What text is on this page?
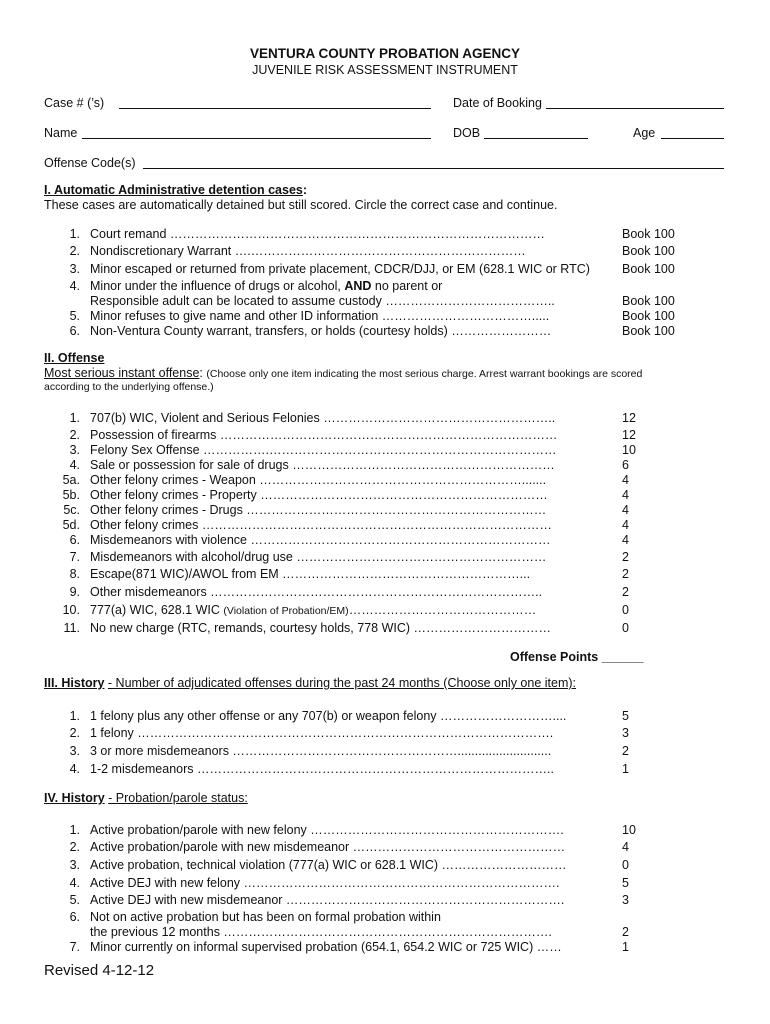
VENTURA COUNTY PROBATION AGENCY
JUVENILE RISK ASSESSMENT INSTRUMENT
Case # (’s)	Date of Booking
Name	DOB	Age
Offense Code(s)
I. Automatic Administrative detention cases:
These cases are automatically detained but still scored. Circle the correct case and continue.
1. Court remand ………………………………………………………………………………	Book 100
2. Nondiscretionary Warrant ….…………………………………………………………	Book 100
3. Minor escaped or returned from private placement, CDCR/DJJ, or EM (628.1 WIC or RTC)	Book 100
4. Minor under the influence of drugs or alcohol, AND no parent or
Responsible adult can be located to assume custody …………………………………..	Book 100
5. Minor refuses to give name and other ID information ……………………………….....	Book 100
6. Non-Ventura County warrant, transfers, or holds (courtesy holds) ……………………	Book 100
II. Offense
Most serious instant offense: (Choose only one item indicating the most serious charge. Arrest warrant bookings are scored
according to the underlying offense.)
1. 707(b) WIC, Violent and Serious Felonies ………………………………………………..	12
2. Possession of firearms ………………………………………………………………………	12
3. Felony Sex Offense …………….……………………………………………………………	10
4. Sale or possession for sale of drugs ………………………………………………………	6
5a. Other felony crimes - Weapon ……………………………………………………….......	4
5b. Other felony crimes - Property ……………………………………………………………	4
5c. Other felony crimes - Drugs ………………………………………………………………	4
5d. Other felony crimes …………………………………………………………………………	4
6. Misdemeanors with violence ………………………………………………………………	4
7. Misdemeanors with alcohol/drug use ……………………………………………………	2
8. Escape(871 WIC)/AWOL from EM …………………………………………………...	2
9. Other misdemeanors ……………………………………………………………………..	2
10. 777(a) WIC, 628.1 WIC (Violation of Probation/EM)………………………………………	0
11. No new charge (RTC, remands, courtesy holds, 778 WIC) ……………………………	0
Offense Points ______
III. History - Number of adjudicated offenses during the past 24 months (Choose only one item):
1. 1 felony plus any other offense or any 707(b) or weapon felony ………………………....	5
2. 1 felony ……………………………………………………………………………………….	3
3. 3 or more misdemeanors ………………………………………………...........................	2
4. 1-2 misdemeanors …………………………………………………………………………..	1
IV. History - Probation/parole status:
1. Active probation/parole with new felony …………………………………………………….	10
2. Active probation/parole with new misdemeanor ……………………………………………	4
3. Active probation, technical violation (777(a) WIC or 628.1 WIC) …………………………	0
4. Active DEJ with new felony ………………………………………………………………….	5
5. Active DEJ with new misdemeanor ………………………………………………………….	3
6. Not on active probation but has been on formal probation within
the previous 12 months …………………………………………………………………….	2
7. Minor currently on informal supervised probation (654.1, 654.2 WIC or 725 WIC) ……	1
Revised 4-12-12
